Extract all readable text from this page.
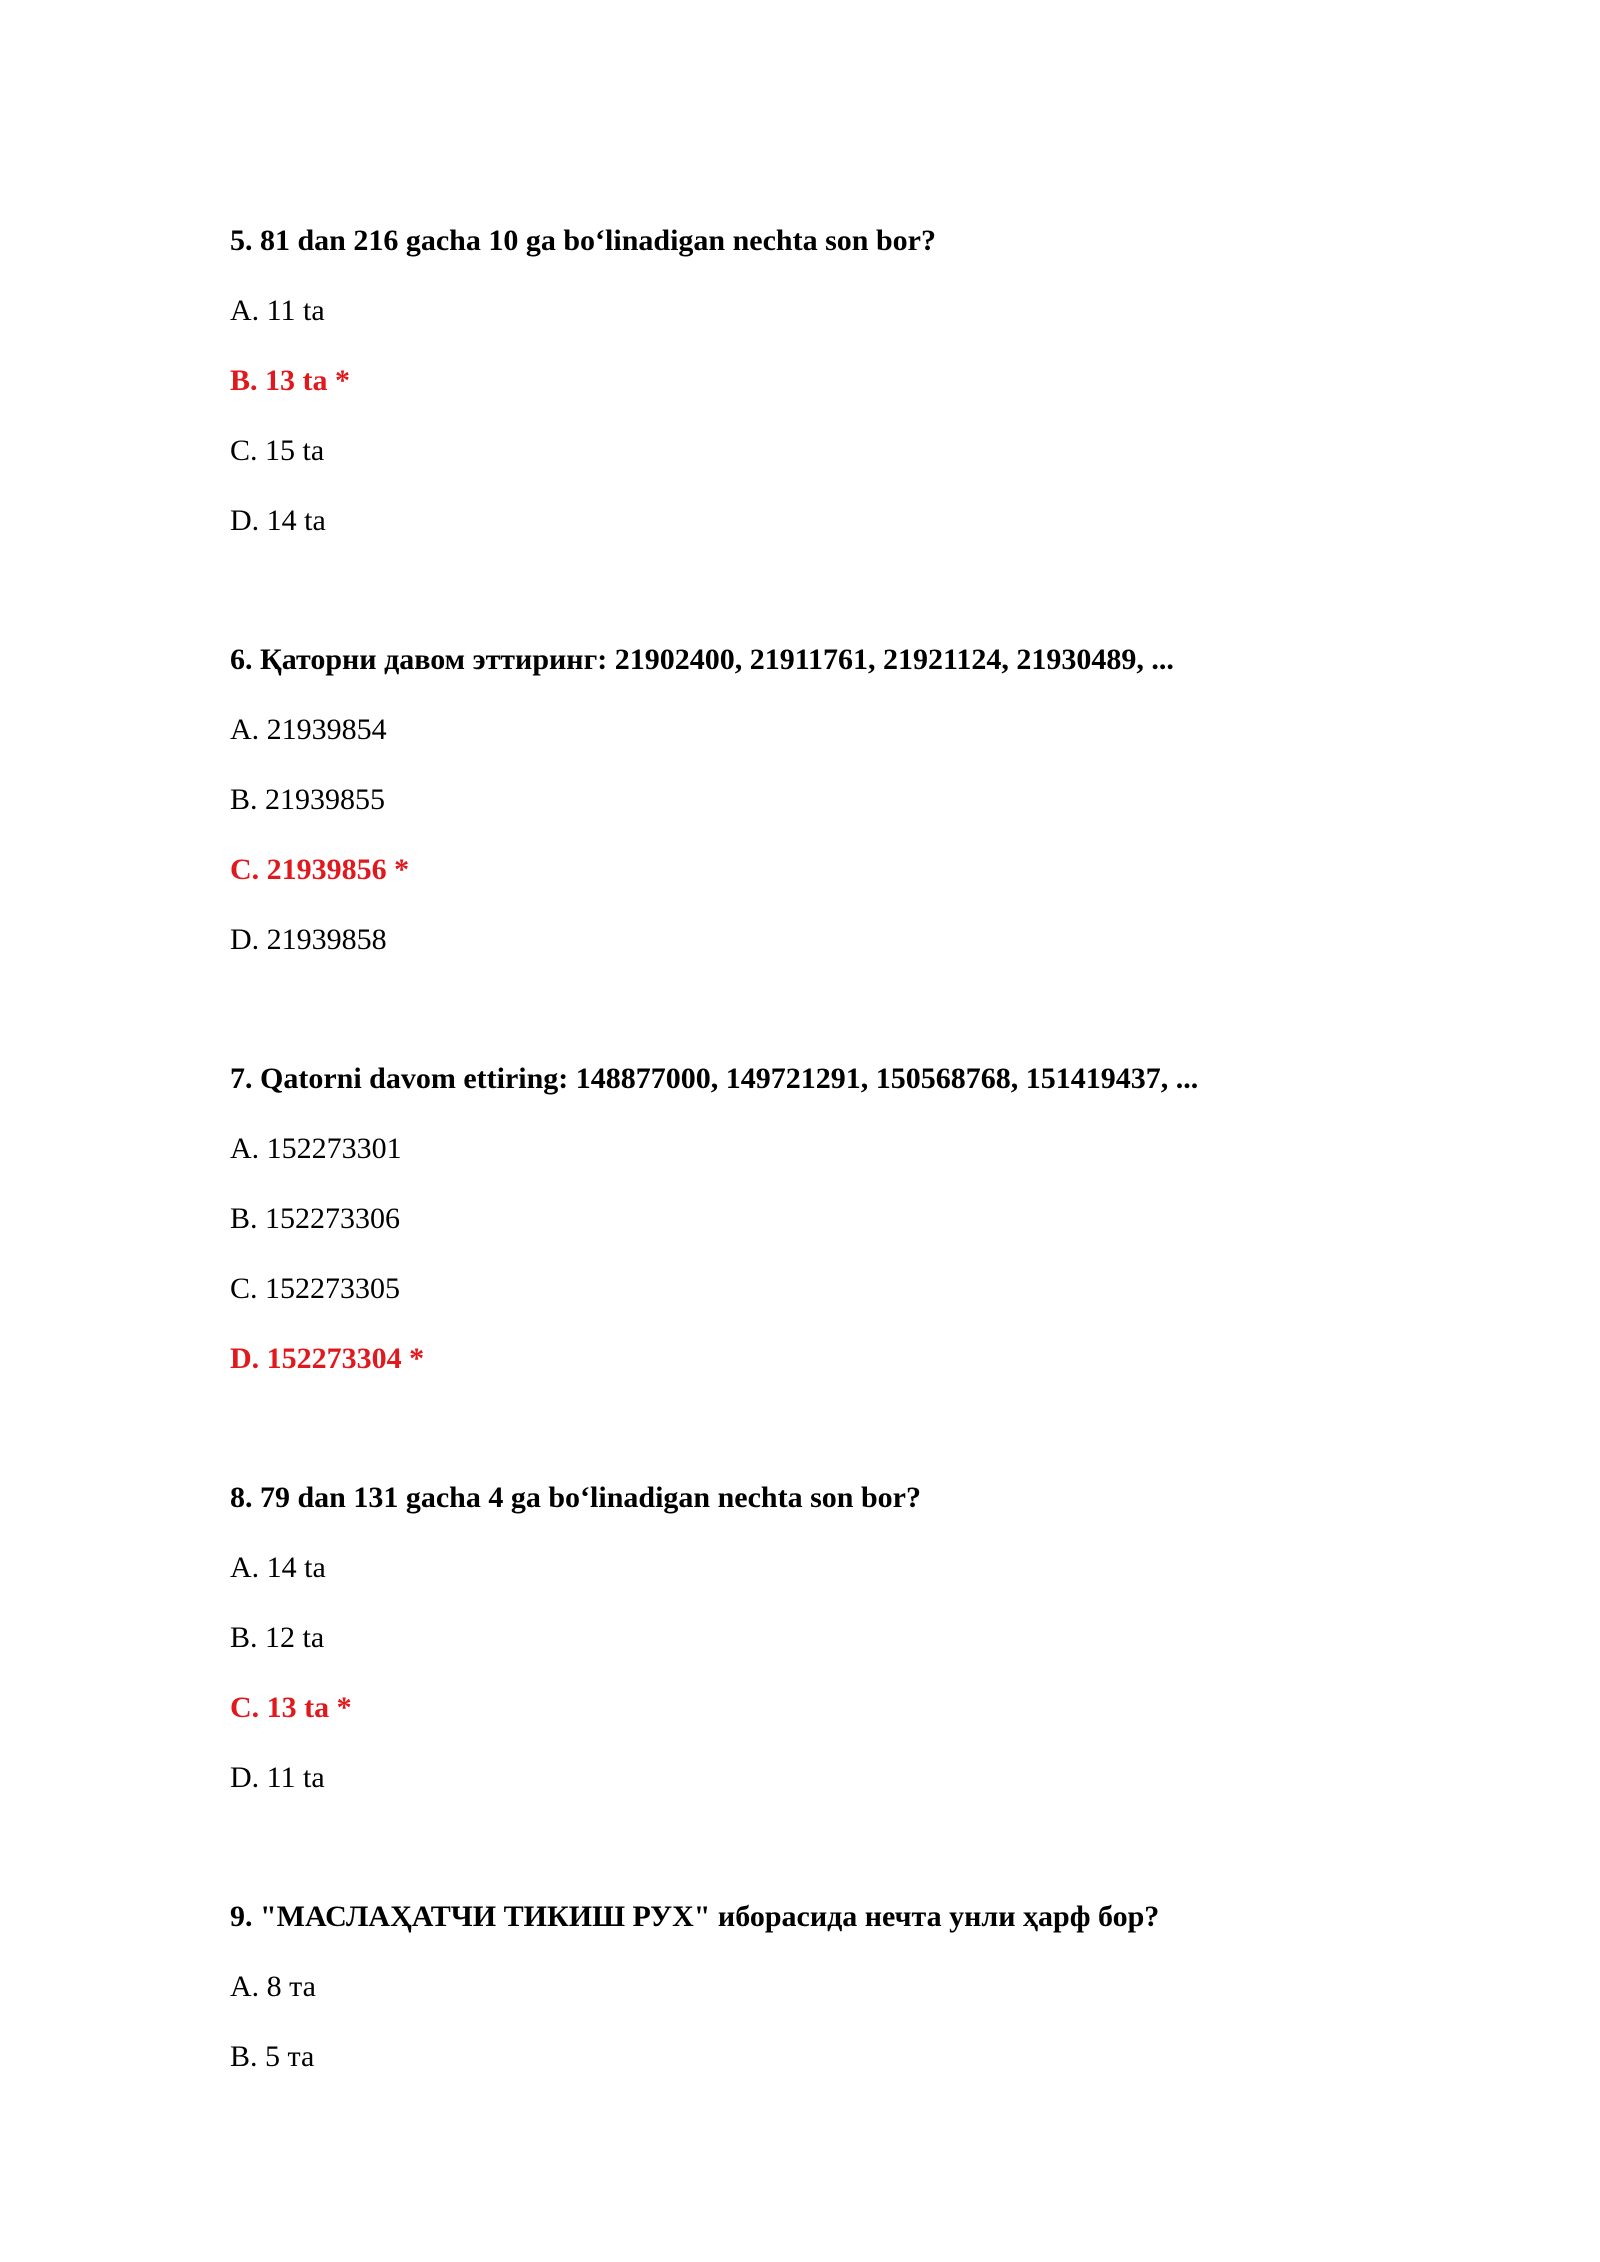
5. 81 dan 216 gacha 10 ga bo‘linadigan nechta son bor?
A. 11 ta
B. 13 ta *
C. 15 ta
D. 14 ta
6. Қаторни давом эттиринг: 21902400, 21911761, 21921124, 21930489, ...
A. 21939854
B. 21939855
C. 21939856 *
D. 21939858
7. Qatorni davom ettiring: 148877000, 149721291, 150568768, 151419437, ...
A. 152273301
B. 152273306
C. 152273305
D. 152273304 *
8. 79 dan 131 gacha 4 ga bo‘linadigan nechta son bor?
A. 14 ta
B. 12 ta
C. 13 ta *
D. 11 ta
9. "МАСЛАҲАТЧИ ТИКИШ РУХ" иборасида нечта унли ҳарф бор?
A. 8 та
B. 5 та
